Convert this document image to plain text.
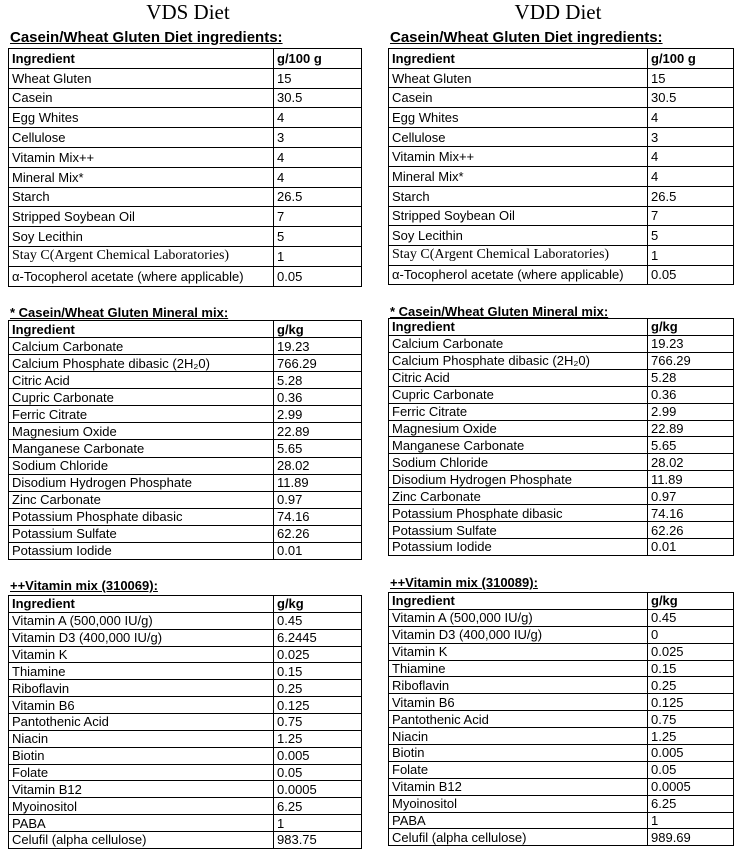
VDS Diet
Casein/Wheat Gluten Diet ingredients:
Ingredient	g/100 g
Wheat Gluten	15
Casein	30.5
Egg Whites	4
Cellulose	3
Vitamin Mix++	4
Mineral Mix*	4
Starch	26.5
Stripped Soybean Oil	7
Soy Lecithin	5
Stay C(Argent Chemical Laboratories)	1
α-Tocopherol acetate (where applicable)	0.05
* Casein/Wheat Gluten Mineral mix:
Ingredient	g/kg
Calcium Carbonate	19.23
Calcium Phosphate dibasic (2H₂0)	766.29
Citric Acid	5.28
Cupric Carbonate	0.36
Ferric Citrate	2.99
Magnesium Oxide	22.89
Manganese Carbonate	5.65
Sodium Chloride	28.02
Disodium Hydrogen Phosphate	11.89
Zinc Carbonate	0.97
Potassium Phosphate dibasic	74.16
Potassium Sulfate	62.26
Potassium Iodide	0.01
++Vitamin mix (310069):
Ingredient	g/kg
Vitamin A (500,000 IU/g)	0.45
Vitamin D3 (400,000 IU/g)	6.2445
Vitamin K	0.025
Thiamine	0.15
Riboflavin	0.25
Vitamin B6	0.125
Pantothenic Acid	0.75
Niacin	1.25
Biotin	0.005
Folate	0.05
Vitamin B12	0.0005
Myoinositol	6.25
PABA	1
Celufil (alpha cellulose)	983.75
VDD Diet
Casein/Wheat Gluten Diet ingredients:
Ingredient	g/100 g
Wheat Gluten	15
Casein	30.5
Egg Whites	4
Cellulose	3
Vitamin Mix++	4
Mineral Mix*	4
Starch	26.5
Stripped Soybean Oil	7
Soy Lecithin	5
Stay C(Argent Chemical Laboratories)	1
α-Tocopherol acetate (where applicable)	0.05
* Casein/Wheat Gluten Mineral mix:
Ingredient	g/kg
Calcium Carbonate	19.23
Calcium Phosphate dibasic (2H₂0)	766.29
Citric Acid	5.28
Cupric Carbonate	0.36
Ferric Citrate	2.99
Magnesium Oxide	22.89
Manganese Carbonate	5.65
Sodium Chloride	28.02
Disodium Hydrogen Phosphate	11.89
Zinc Carbonate	0.97
Potassium Phosphate dibasic	74.16
Potassium Sulfate	62.26
Potassium Iodide	0.01
++Vitamin mix (310089):
Ingredient	g/kg
Vitamin A (500,000 IU/g)	0.45
Vitamin D3 (400,000 IU/g)	0
Vitamin K	0.025
Thiamine	0.15
Riboflavin	0.25
Vitamin B6	0.125
Pantothenic Acid	0.75
Niacin	1.25
Biotin	0.005
Folate	0.05
Vitamin B12	0.0005
Myoinositol	6.25
PABA	1
Celufil (alpha cellulose)	989.69
